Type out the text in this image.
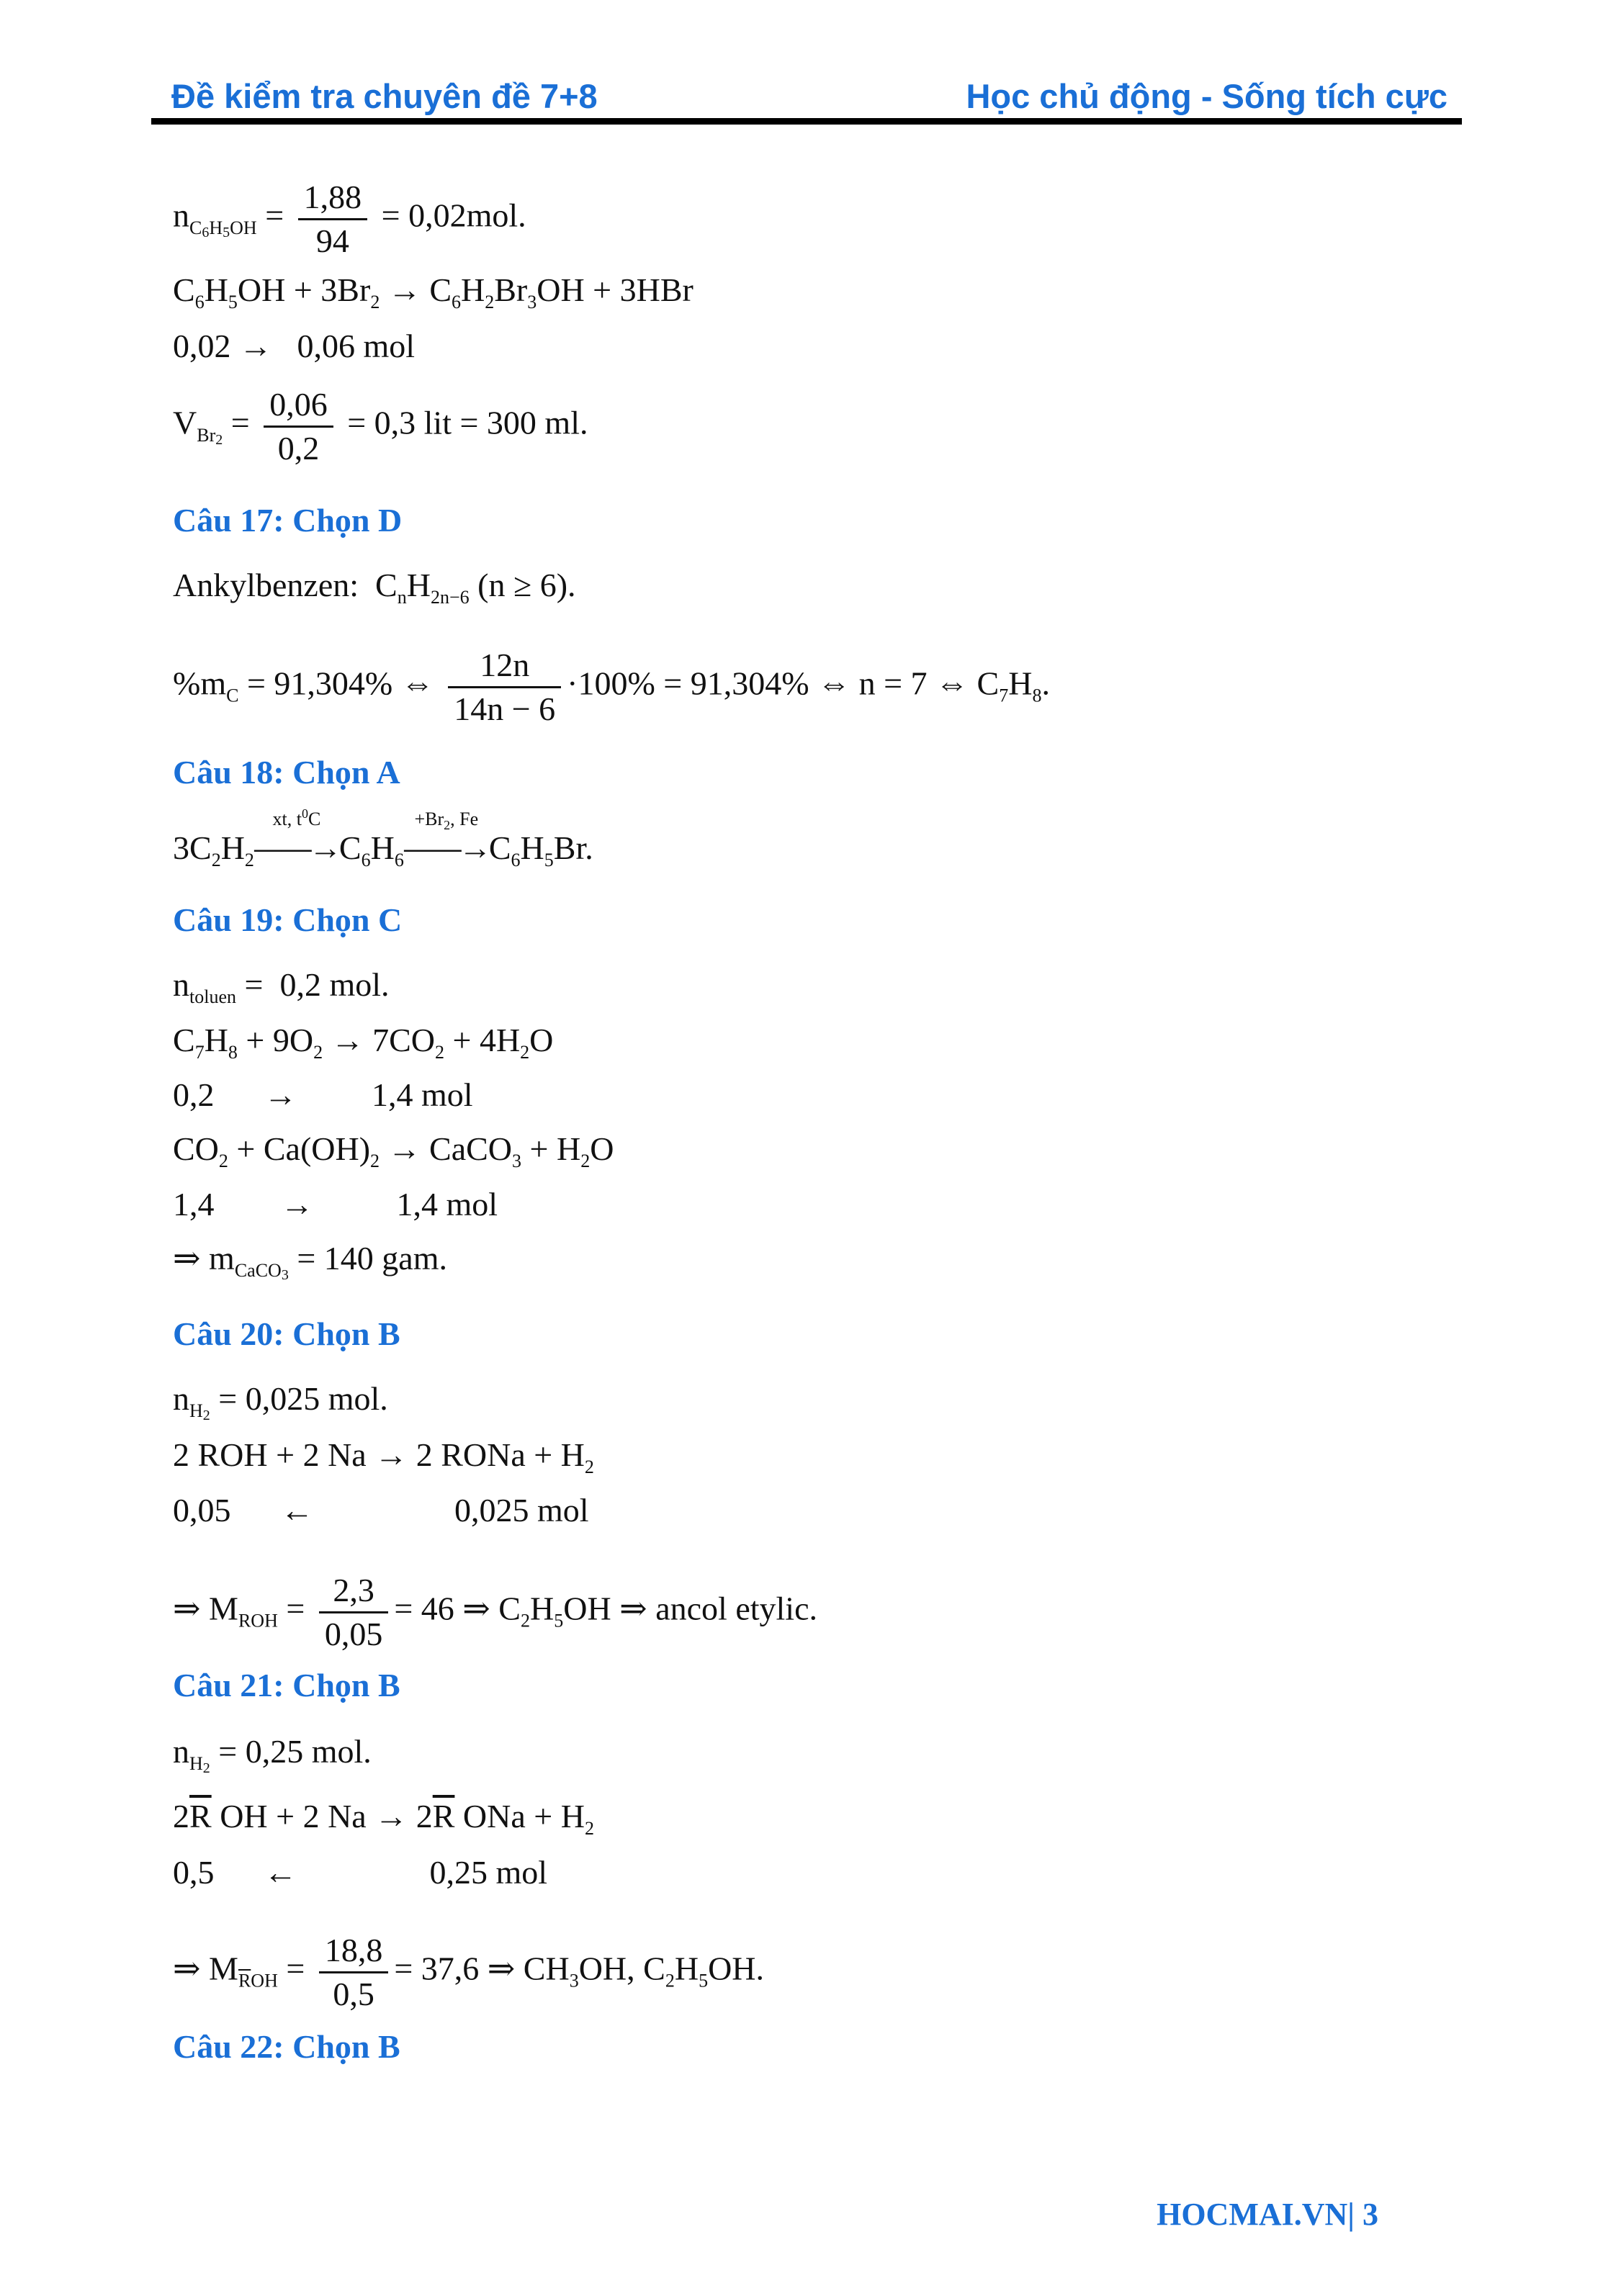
Đề kiểm tra chuyên đề 7+8	Học chủ động - Sống tích cực
$n_{C_6H_5OH} = \frac{1,88}{94} = 0,02mol$.
$C_6H_5OH + 3Br_2 \to C_6H_2Br_3OH + 3HBr$
0,02 →   0,06 mol
$V_{Br_2} = \frac{0,06}{0,2} = 0,3$ lit = 300 ml.
Câu 17: Chọn D
Ankylbenzen:  $C_nH_{2n-6}$ (n ≥ 6).
$\%m_C = 91,304\%$ ⇔ $\frac{12n}{14n - 6} \cdot 100\% = 91,304\%$ ⇔ n = 7 ⇔ $C_7H_8$.
Câu 18: Chọn A
$3C_2H_2$
xt, $t^0C$
$⎯⎯⎯⎯\to C_6H_6$
$+Br_2$, Fe
$⎯⎯⎯⎯\to C_6H_5Br$.
Câu 19: Chọn C
$n_{toluen} = 0,2$ mol.
$C_7H_8 + 9O_2 \to 7CO_2 + 4H_2O$
0,2      →         1,4 mol
$CO_2 + Ca(OH)_2$ → CaCO$_3$ + $H_2O$
1,4        →          1,4 mol
⇒ $m_{CaCO_3} = 140$ gam.
Câu 20: Chọn B
$n_{H_2} = 0,025$ mol.
2 ROH + 2 Na → 2 RONa + $H_2$
0,05      ←                 0,025 mol
⇒ $M_{ROH} = \frac{2,3}{0,05} = 46$ ⇒ $C_2H_5OH$ ⇒ ancol etylic.
Câu 21: Chọn B
$n_{H_2} = 0,25$ mol.
$2\overline{R}$ OH + 2 $Na \to 2\overline{R}$ ONa + $H_2$
0,5      ←                0,25 mol
⇒ $M_{\overline{R}OH} = \frac{18,8}{0,5} = 37,6$ ⇒ $CH_3OH$, $C_2H_5OH$.
Câu 22: Chọn B
HOCMAI.VN| 3
